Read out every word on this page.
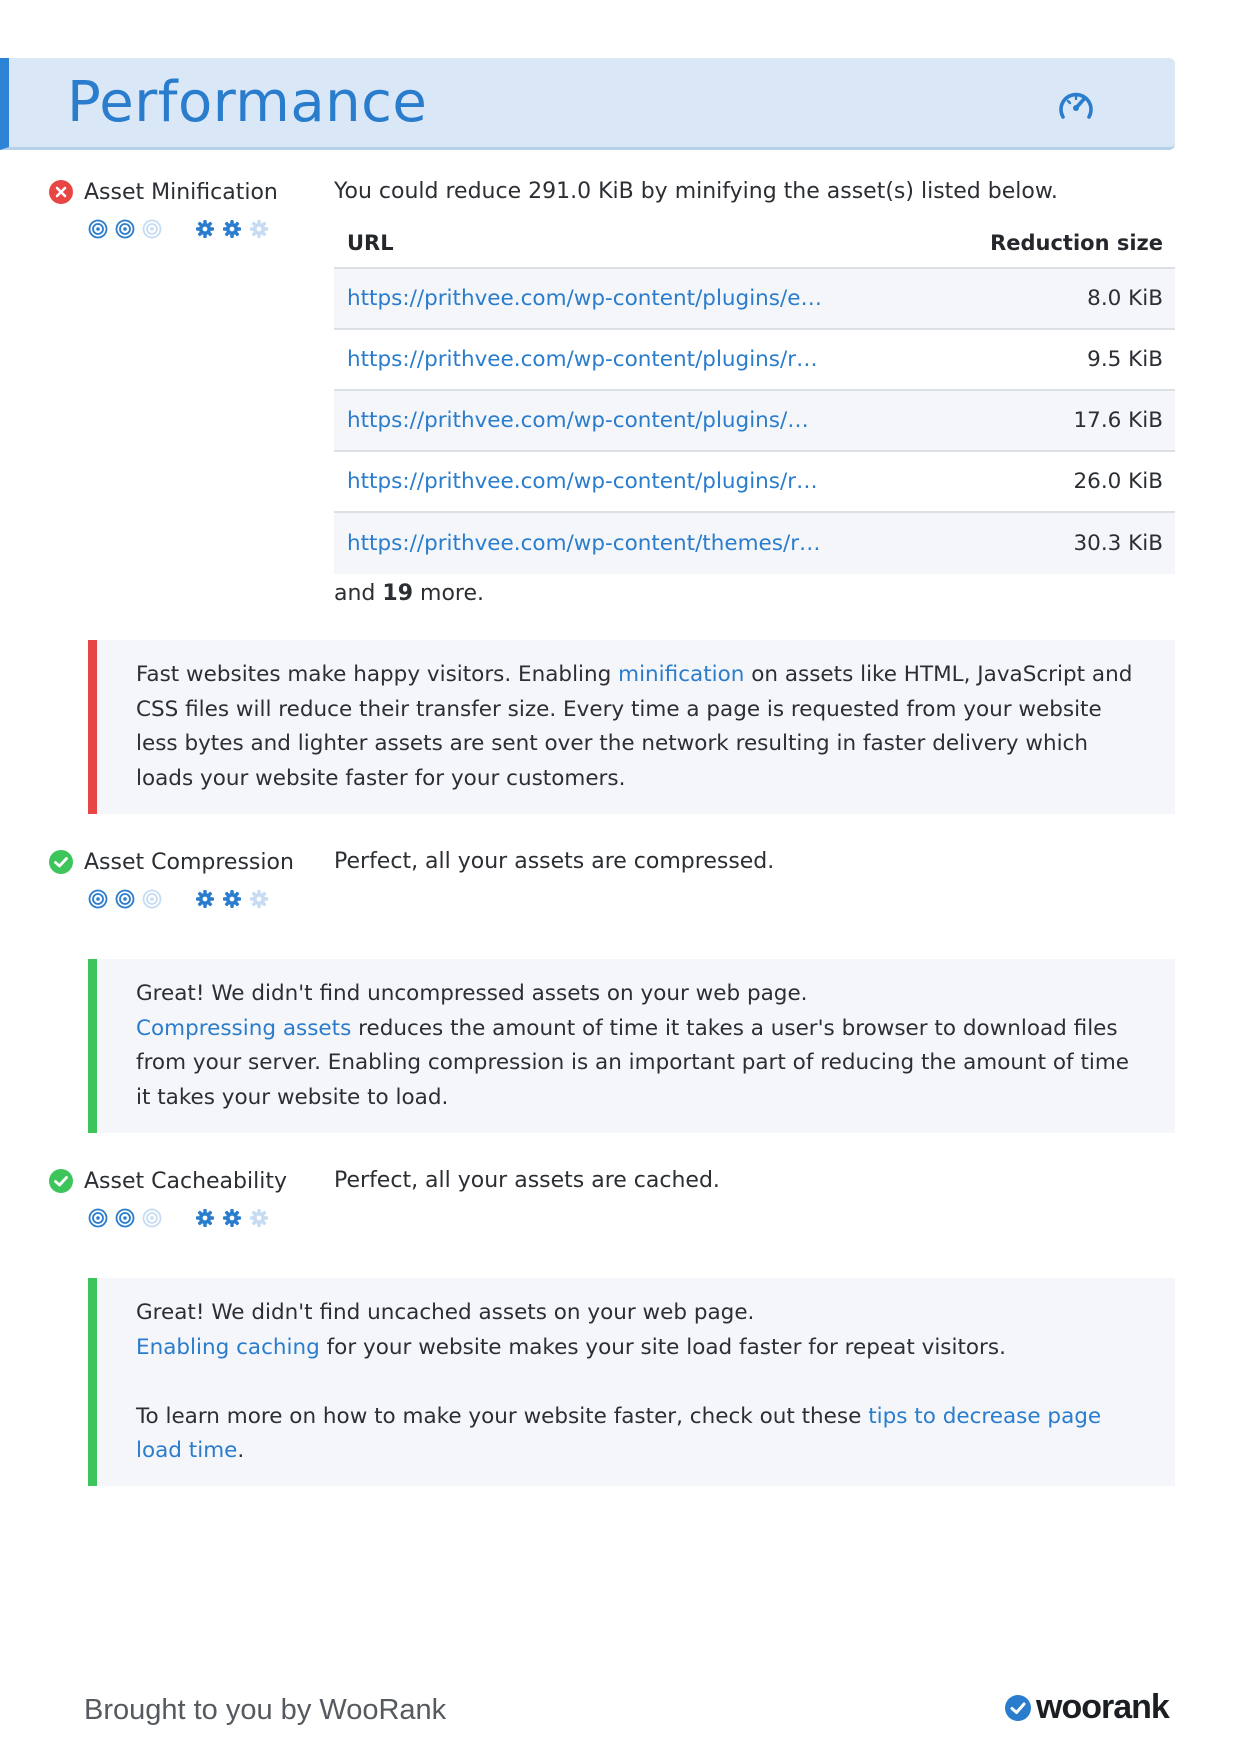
Performance
Asset Minification	You could reduce 291.0 KiB by minifying the asset(s) listed below.
URL	Reduction size
https://prithvee.com/wp-content/plugins/e…	8.0 KiB
https://prithvee.com/wp-content/plugins/r…	9.5 KiB
https://prithvee.com/wp-content/plugins/…	17.6 KiB
https://prithvee.com/wp-content/plugins/r…	26.0 KiB
https://prithvee.com/wp-content/themes/r…	30.3 KiB
and 19 more.
Fast websites make happy visitors. Enabling minification on assets like HTML, JavaScript and CSS files will reduce their transfer size. Every time a page is requested from your website less bytes and lighter assets are sent over the network resulting in faster delivery which loads your website faster for your customers.
Asset Compression Perfect, all your assets are compressed.
Great! We didn't find uncompressed assets on your web page.
Compressing assets reduces the amount of time it takes a user's browser to download files from your server. Enabling compression is an important part of reducing the amount of time it takes your website to load.
Asset Cacheability Perfect, all your assets are cached.
Great! We didn't find uncached assets on your web page.
Enabling caching for your website makes your site load faster for repeat visitors.
To learn more on how to make your website faster, check out these tips to decrease page load time.
Brought to you by WooRank	woorank
